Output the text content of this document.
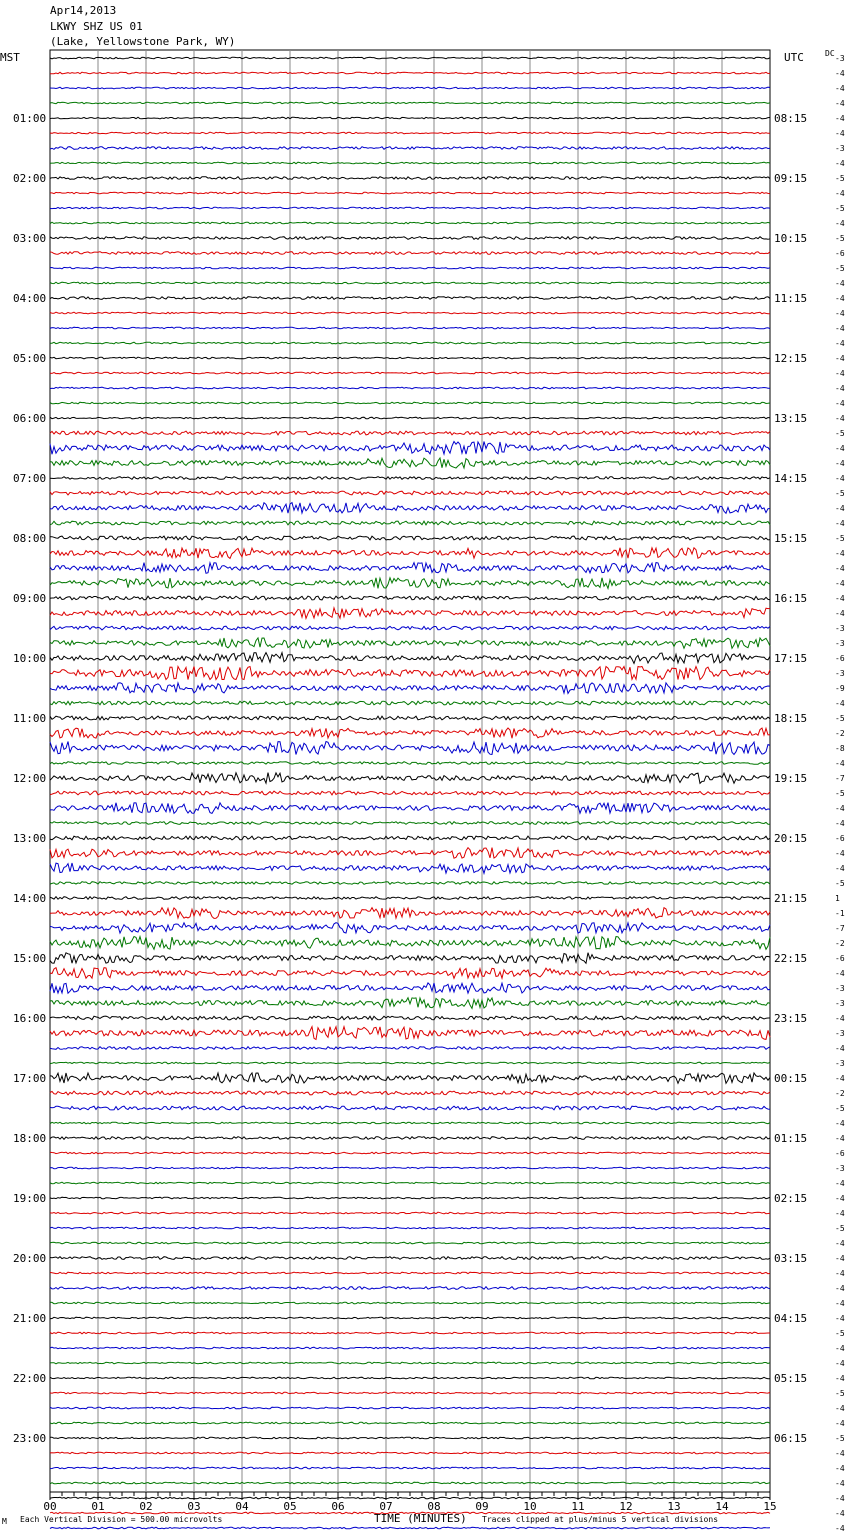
Apr14,2013
LKWY SHZ US 01
(Lake, Yellowstone Park, WY)
MST	UTC	DC
01:00
02:00
03:00
04:00
05:00
06:00
07:00
08:00
09:00
10:00
11:00
12:00
13:00
14:00
15:00
16:00
17:00
18:00
19:00
20:00
21:00
22:00
23:00
08:15
09:15
10:15
11:15
12:15
13:15
14:15
15:15
16:15
17:15
18:15
19:15
20:15
21:15
22:15
23:15
00:15
01:15
02:15
03:15
04:15
05:15
06:15
-3
-4
-4
-4
-4
-4
-3
-4
-5
-4
-5
-4
-5
-6
-5
-4
-4
-4
-4
-4
-4
-4
-4
-4
-4
-5
-4
-4
-4
-5
-4
-4
-5
-4
-4
-4
-4
-4
-3
-3
-6
-3
-9
-4
-5
-2
-8
-4
-7
-5
-4
-4
-6
-4
-4
-5
1
-1
-7
-2
-6
-4
-3
-3
-4
-3
-4
-3
-4
-2
-5
-4
-4
-6
-3
-4
-4
-4
-5
-4
-4
-4
-4
-4
-4
-5
-4
-4
-4
-5
-4
-4
-5
-4
-4
-4
-4
-4
-4
00	01	02	03	04	05	06	07	08	09	10	11	12	13	14	15
M Each Vertical Division = 500.00 microvolts	TIME (MINUTES) Traces clipped at plus/minus 5 vertical divisions
